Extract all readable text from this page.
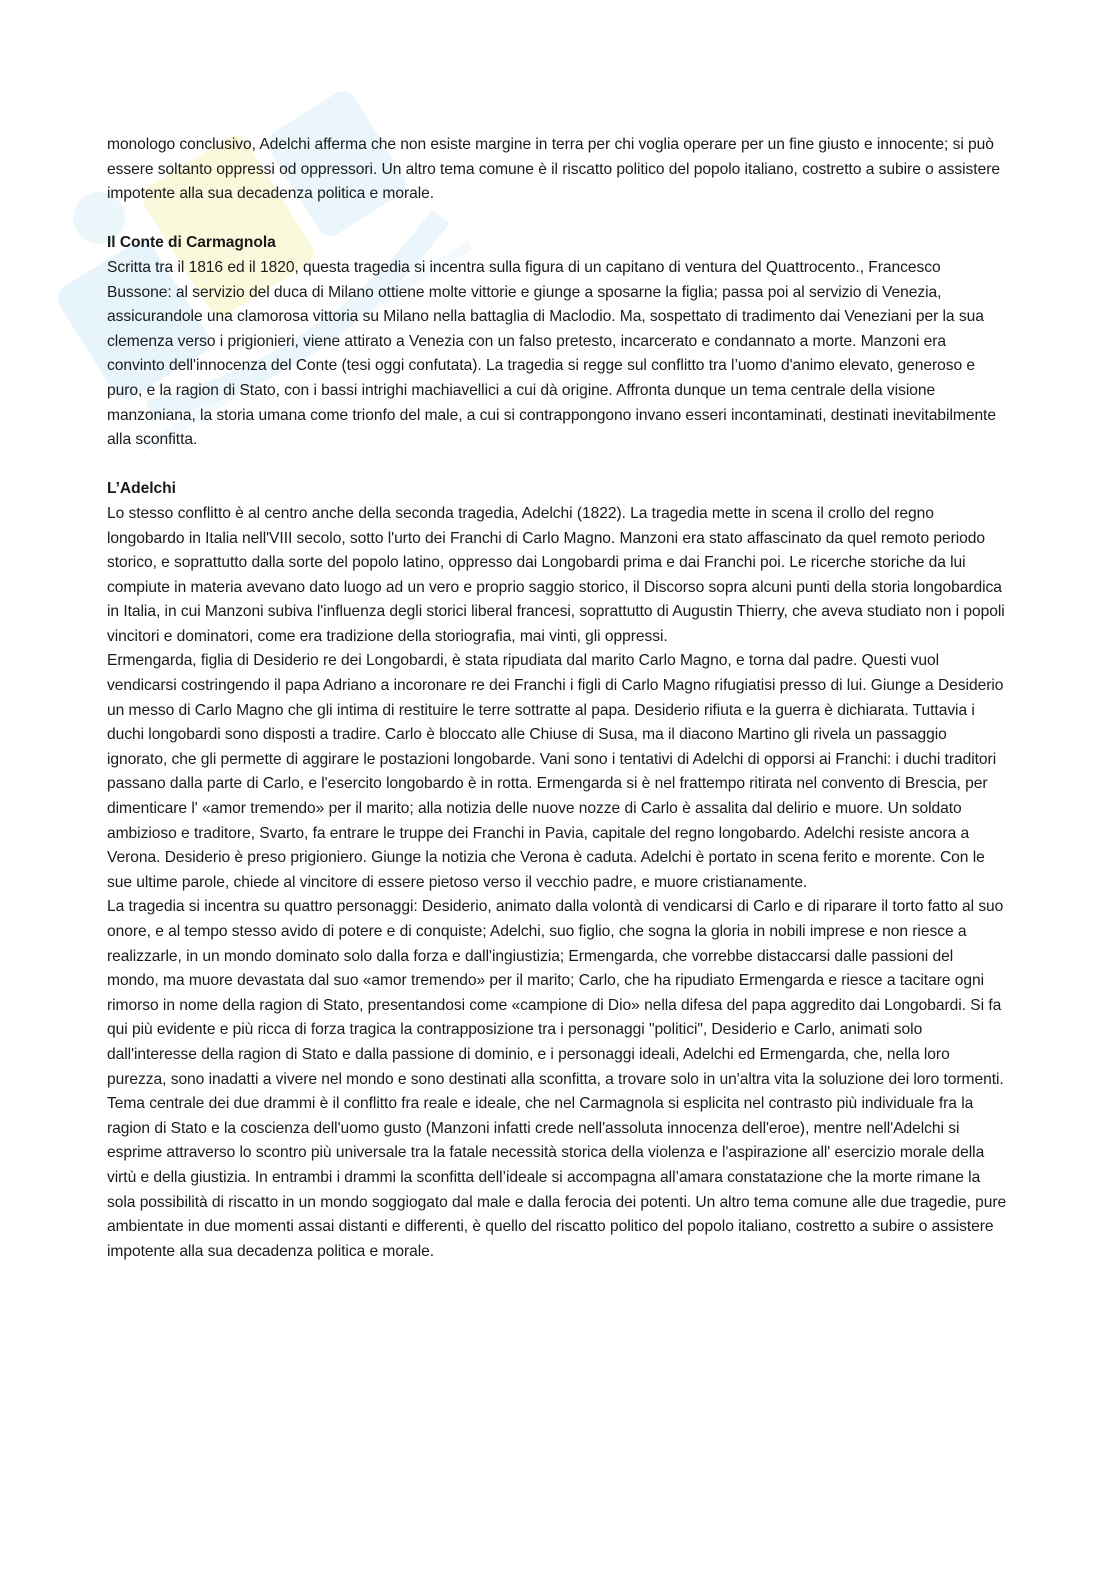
monologo conclusivo, Adelchi afferma che non esiste margine in terra per chi voglia operare per un fine giusto e innocente; si può essere soltanto oppressi od oppressori. Un altro tema comune è il riscatto politico del popolo italiano, costretto a subire o assistere impotente alla sua decadenza politica e morale.

Il Conte di Carmagnola

Scritta tra il 1816 ed il 1820, questa tragedia si incentra sulla figura di un capitano di ventura del Quattrocento., Francesco Bussone: al servizio del duca di Milano ottiene molte vittorie e giunge a sposarne la figlia; passa poi al servizio di Venezia, assicurandole una clamorosa vittoria su Milano nella battaglia di Maclodio. Ma, sospettato di tradimento dai Veneziani per la sua clemenza verso i prigionieri, viene attirato a Venezia con un falso pretesto, incarcerato e condannato a morte. Manzoni era convinto dell'innocenza del Conte (tesi oggi confutata). La tragedia si regge sul conflitto tra l’uomo d'animo elevato, generoso e puro, e la ragion di Stato, con i bassi intrighi machiavellici a cui dà origine. Affronta dunque un tema centrale della visione manzoniana, la storia umana come trionfo del male, a cui si contrappongono invano esseri incontaminati, destinati inevitabilmente alla sconfitta.

L’Adelchi

Lo stesso conflitto è al centro anche della seconda tragedia, Adelchi (1822). La tragedia mette in scena il crollo del regno longobardo in Italia nell'VIII secolo, sotto l'urto dei Franchi di Carlo Magno. Manzoni era stato affascinato da quel remoto periodo storico, e soprattutto dalla sorte del popolo latino, oppresso dai Longobardi prima e dai Franchi poi. Le ricerche storiche da lui compiute in materia avevano dato luogo ad un vero e proprio saggio storico, il Discorso sopra alcuni punti della storia longobardica in Italia, in cui Manzoni subiva l'influenza degli storici liberal francesi, soprattutto di Augustin Thierry, che aveva studiato non i popoli vincitori e dominatori, come era tradizione della storiografia, mai vinti, gli oppressi.

Ermengarda, figlia di Desiderio re dei Longobardi, è stata ripudiata dal marito Carlo Magno, e torna dal padre. Questi vuol vendicarsi costringendo il papa Adriano a incoronare re dei Franchi i figli di Carlo Magno rifugiatisi presso di lui. Giunge a Desiderio un messo di Carlo Magno che gli intima di restituire le terre sottratte al papa. Desiderio rifiuta e la guerra è dichiarata. Tuttavia i duchi longobardi sono disposti a tradire. Carlo è bloccato alle Chiuse di Susa, ma il diacono Martino gli rivela un passaggio ignorato, che gli permette di aggirare le postazioni longobarde. Vani sono i tentativi di Adelchi di opporsi ai Franchi: i duchi traditori passano dalla parte di Carlo, e l'esercito longobardo è in rotta. Ermengarda si è nel frattempo ritirata nel convento di Brescia, per dimenticare l' «amor tremendo» per il marito; alla notizia delle nuove nozze di Carlo è assalita dal delirio e muore. Un soldato ambizioso e traditore, Svarto, fa entrare le truppe dei Franchi in Pavia, capitale del regno longobardo. Adelchi resiste ancora a Verona. Desiderio è preso prigioniero. Giunge la notizia che Verona è caduta. Adelchi è portato in scena ferito e morente. Con le sue ultime parole, chiede al vincitore di essere pietoso verso il vecchio padre, e muore cristianamente.

La tragedia si incentra su quattro personaggi: Desiderio, animato dalla volontà di vendicarsi di Carlo e di riparare il torto fatto al suo onore, e al tempo stesso avido di potere e di conquiste; Adelchi, suo figlio, che sogna la gloria in nobili imprese e non riesce a realizzarle, in un mondo dominato solo dalla forza e dall'ingiustizia; Ermengarda, che vorrebbe distaccarsi dalle passioni del mondo, ma muore devastata dal suo «amor tremendo» per il marito; Carlo, che ha ripudiato Ermengarda e riesce a tacitare ogni rimorso in nome della ragion di Stato, presentandosi come «campione di Dio» nella difesa del papa aggredito dai Longobardi. Si fa qui più evidente e più ricca di forza tragica la contrapposizione tra i personaggi "politici", Desiderio e Carlo, animati solo dall'interesse della ragion di Stato e dalla passione di dominio, e i personaggi ideali, Adelchi ed Ermengarda, che, nella loro purezza, sono inadatti a vivere nel mondo e sono destinati alla sconfitta, a trovare solo in un'altra vita la soluzione dei loro tormenti.

Tema centrale dei due drammi è il conflitto fra reale e ideale, che nel Carmagnola si esplicita nel contrasto più individuale fra la ragion di Stato e la coscienza dell'uomo gusto (Manzoni infatti crede nell'assoluta innocenza dell'eroe), mentre nell'Adelchi si esprime attraverso lo scontro più universale tra la fatale necessità storica della violenza e l'aspirazione all' esercizio morale della virtù e della giustizia. In entrambi i drammi la sconfitta dell’ideale si accompagna all’amara constatazione che la morte rimane la sola possibilità di riscatto in un mondo soggiogato dal male e dalla ferocia dei potenti. Un altro tema comune alle due tragedie, pure ambientate in due momenti assai distanti e differenti, è quello del riscatto politico del popolo italiano, costretto a subire o assistere impotente alla sua decadenza politica e morale.
